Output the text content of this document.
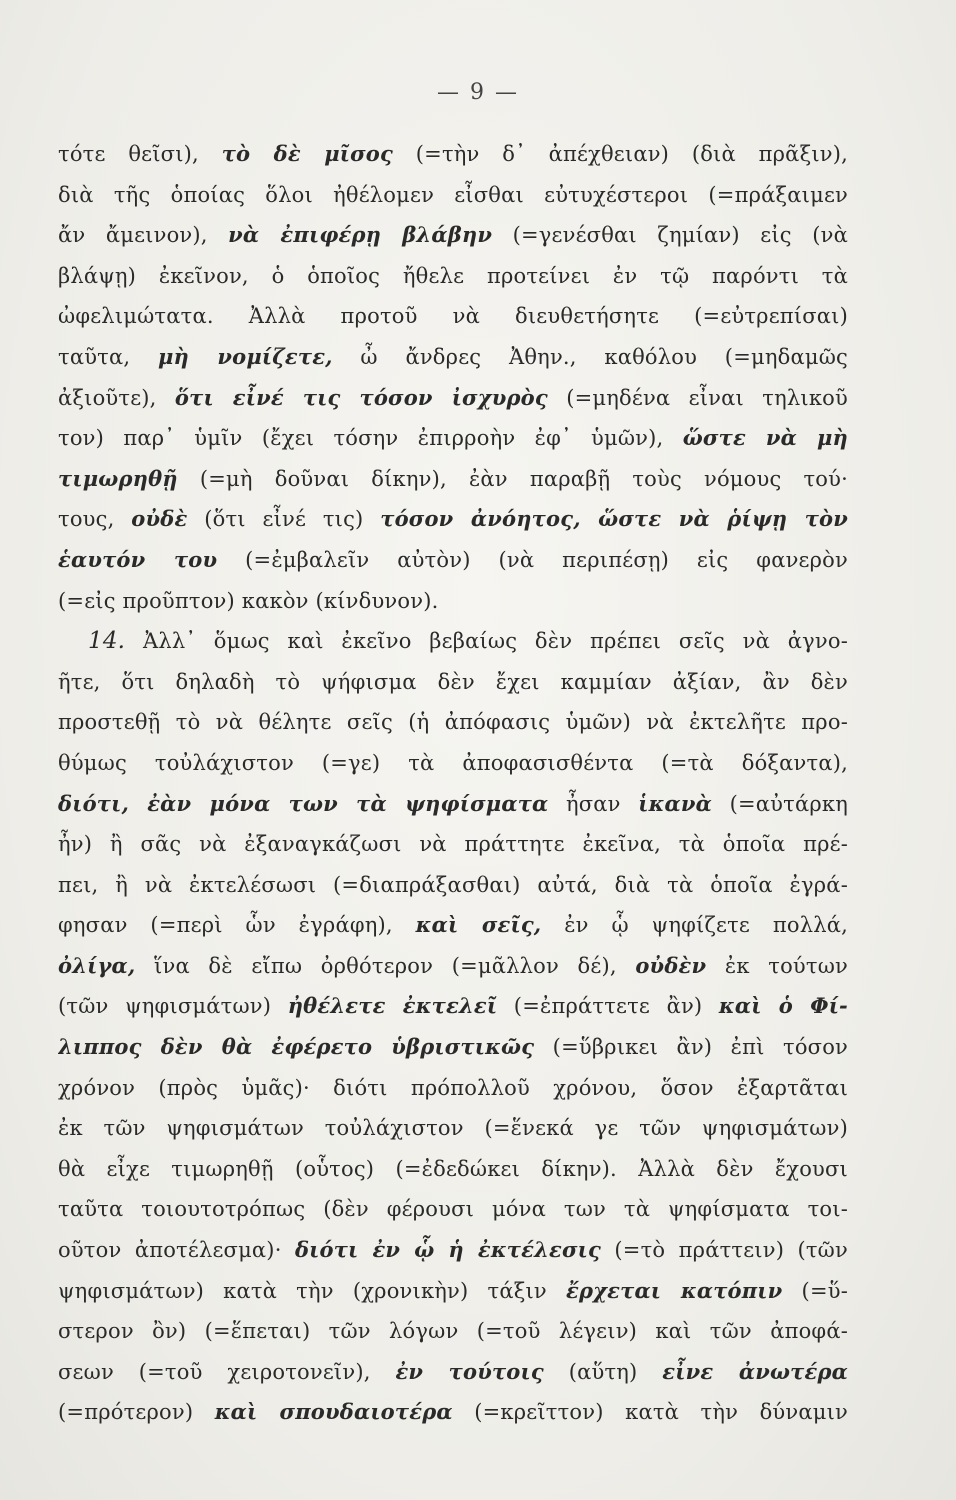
— 9 —
τότε θεῖσι), τὸ δὲ μῖσος (=τὴν δ᾽ ἀπέχθειαν) (διὰ πρᾶξιν),
διὰ τῆς ὁποίας ὅλοι ἠθέλομεν εἶσθαι εὐτυχέστεροι (=πράξαιμεν
ἄν ἄμεινον), νὰ ἐπιφέρῃ βλάβην (=γενέσθαι ζημίαν) εἰς (νὰ
βλάψῃ) ἐκεῖνον, ὁ ὁποῖος ἤθελε προτείνει ἐν τῷ παρόντι τὰ
ὠφελιμώτατα. Ἀλλὰ προτοῦ νὰ διευθετήσητε (=εὐτρεπίσαι)
ταῦτα, μὴ νομίζετε, ὦ ἄνδρες Ἀθην., καθόλου (=μηδαμῶς
ἀξιοῦτε), ὅτι εἶνέ τις τόσον ἰσχυρὸς (=μηδένα εἶναι τηλικοῦ
τον) παρ᾽ ὑμῖν (ἔχει τόσην ἐπιρροὴν ἐφ᾽ ὑμῶν), ὥστε νὰ μὴ
τιμωρηθῇ (=μὴ δοῦναι δίκην), ἐὰν παραβῇ τοὺς νόμους τού·
τους, οὐδὲ (ὅτι εἶνέ τις) τόσον ἀνόητος, ὥστε νὰ ῥίψῃ τὸν
ἑαυτόν του (=ἐμβαλεῖν αὐτὸν) (νὰ περιπέσῃ) εἰς φανερὸν
(=εἰς προῦπτον) κακὸν (κίνδυνον).
14. Ἀλλ᾽ ὅμως καὶ ἐκεῖνο βεβαίως δὲν πρέπει σεῖς νὰ ἀγνο-
ῆτε, ὅτι δηλαδὴ τὸ ψήφισμα δὲν ἔχει καμμίαν ἀξίαν, ἂν δὲν
προστεθῇ τὸ νὰ θέλητε σεῖς (ἡ ἀπόφασις ὑμῶν) νὰ ἐκτελῆτε προ-
θύμως τοὐλάχιστον (=γε) τὰ ἀποφασισθέντα (=τὰ δόξαντα),
διότι, ἐὰν μόνα των τὰ ψηφίσματα ἦσαν ἱκανὰ (=αὐτάρκη
ἦν) ἢ σᾶς νὰ ἐξαναγκάζωσι νὰ πράττητε ἐκεῖνα, τὰ ὁποῖα πρέ-
πει, ἢ νὰ ἐκτελέσωσι (=διαπράξασθαι) αὐτά, διὰ τὰ ὁποῖα ἐγρά-
φησαν (=περὶ ὧν ἐγράφη), καὶ σεῖς, ἐν ᾧ ψηφίζετε πολλά,
ὀλίγα, ἵνα δὲ εἴπω ὀρθότερον (=μᾶλλον δέ), οὐδὲν ἐκ τούτων
(τῶν ψηφισμάτων) ἠθέλετε ἐκτελεῖ (=ἐπράττετε ἂν) καὶ ὁ Φί-
λιππος δὲν θὰ ἐφέρετο ὑβριστικῶς (=ὕβρικει ἂν) ἐπὶ τόσον
χρόνον (πρὸς ὑμᾶς)· διότι πρόπολλοῦ χρόνου, ὅσον ἐξαρτᾶται
ἐκ τῶν ψηφισμάτων τοὐλάχιστον (=ἕνεκά γε τῶν ψηφισμάτων)
θὰ εἶχε τιμωρηθῇ (οὗτος) (=ἐδεδώκει δίκην). Ἀλλὰ δὲν ἔχουσι
ταῦτα τοιουτοτρόπως (δὲν φέρουσι μόνα των τὰ ψηφίσματα τοι-
οῦτον ἀποτέλεσμα)· διότι ἐν ᾧ ἡ ἐκτέλεσις (=τὸ πράττειν) (τῶν
ψηφισμάτων) κατὰ τὴν (χρονικὴν) τάξιν ἔρχεται κατόπιν (=ὕ-
στερον ὂν) (=ἕπεται) τῶν λόγων (=τοῦ λέγειν) καὶ τῶν ἀποφά-
σεων (=τοῦ χειροτονεῖν), ἐν τούτοις (αὕτη) εἶνε ἀνωτέρα
(=πρότερον) καὶ σπουδαιοτέρα (=κρεῖττον) κατὰ τὴν δύναμιν
